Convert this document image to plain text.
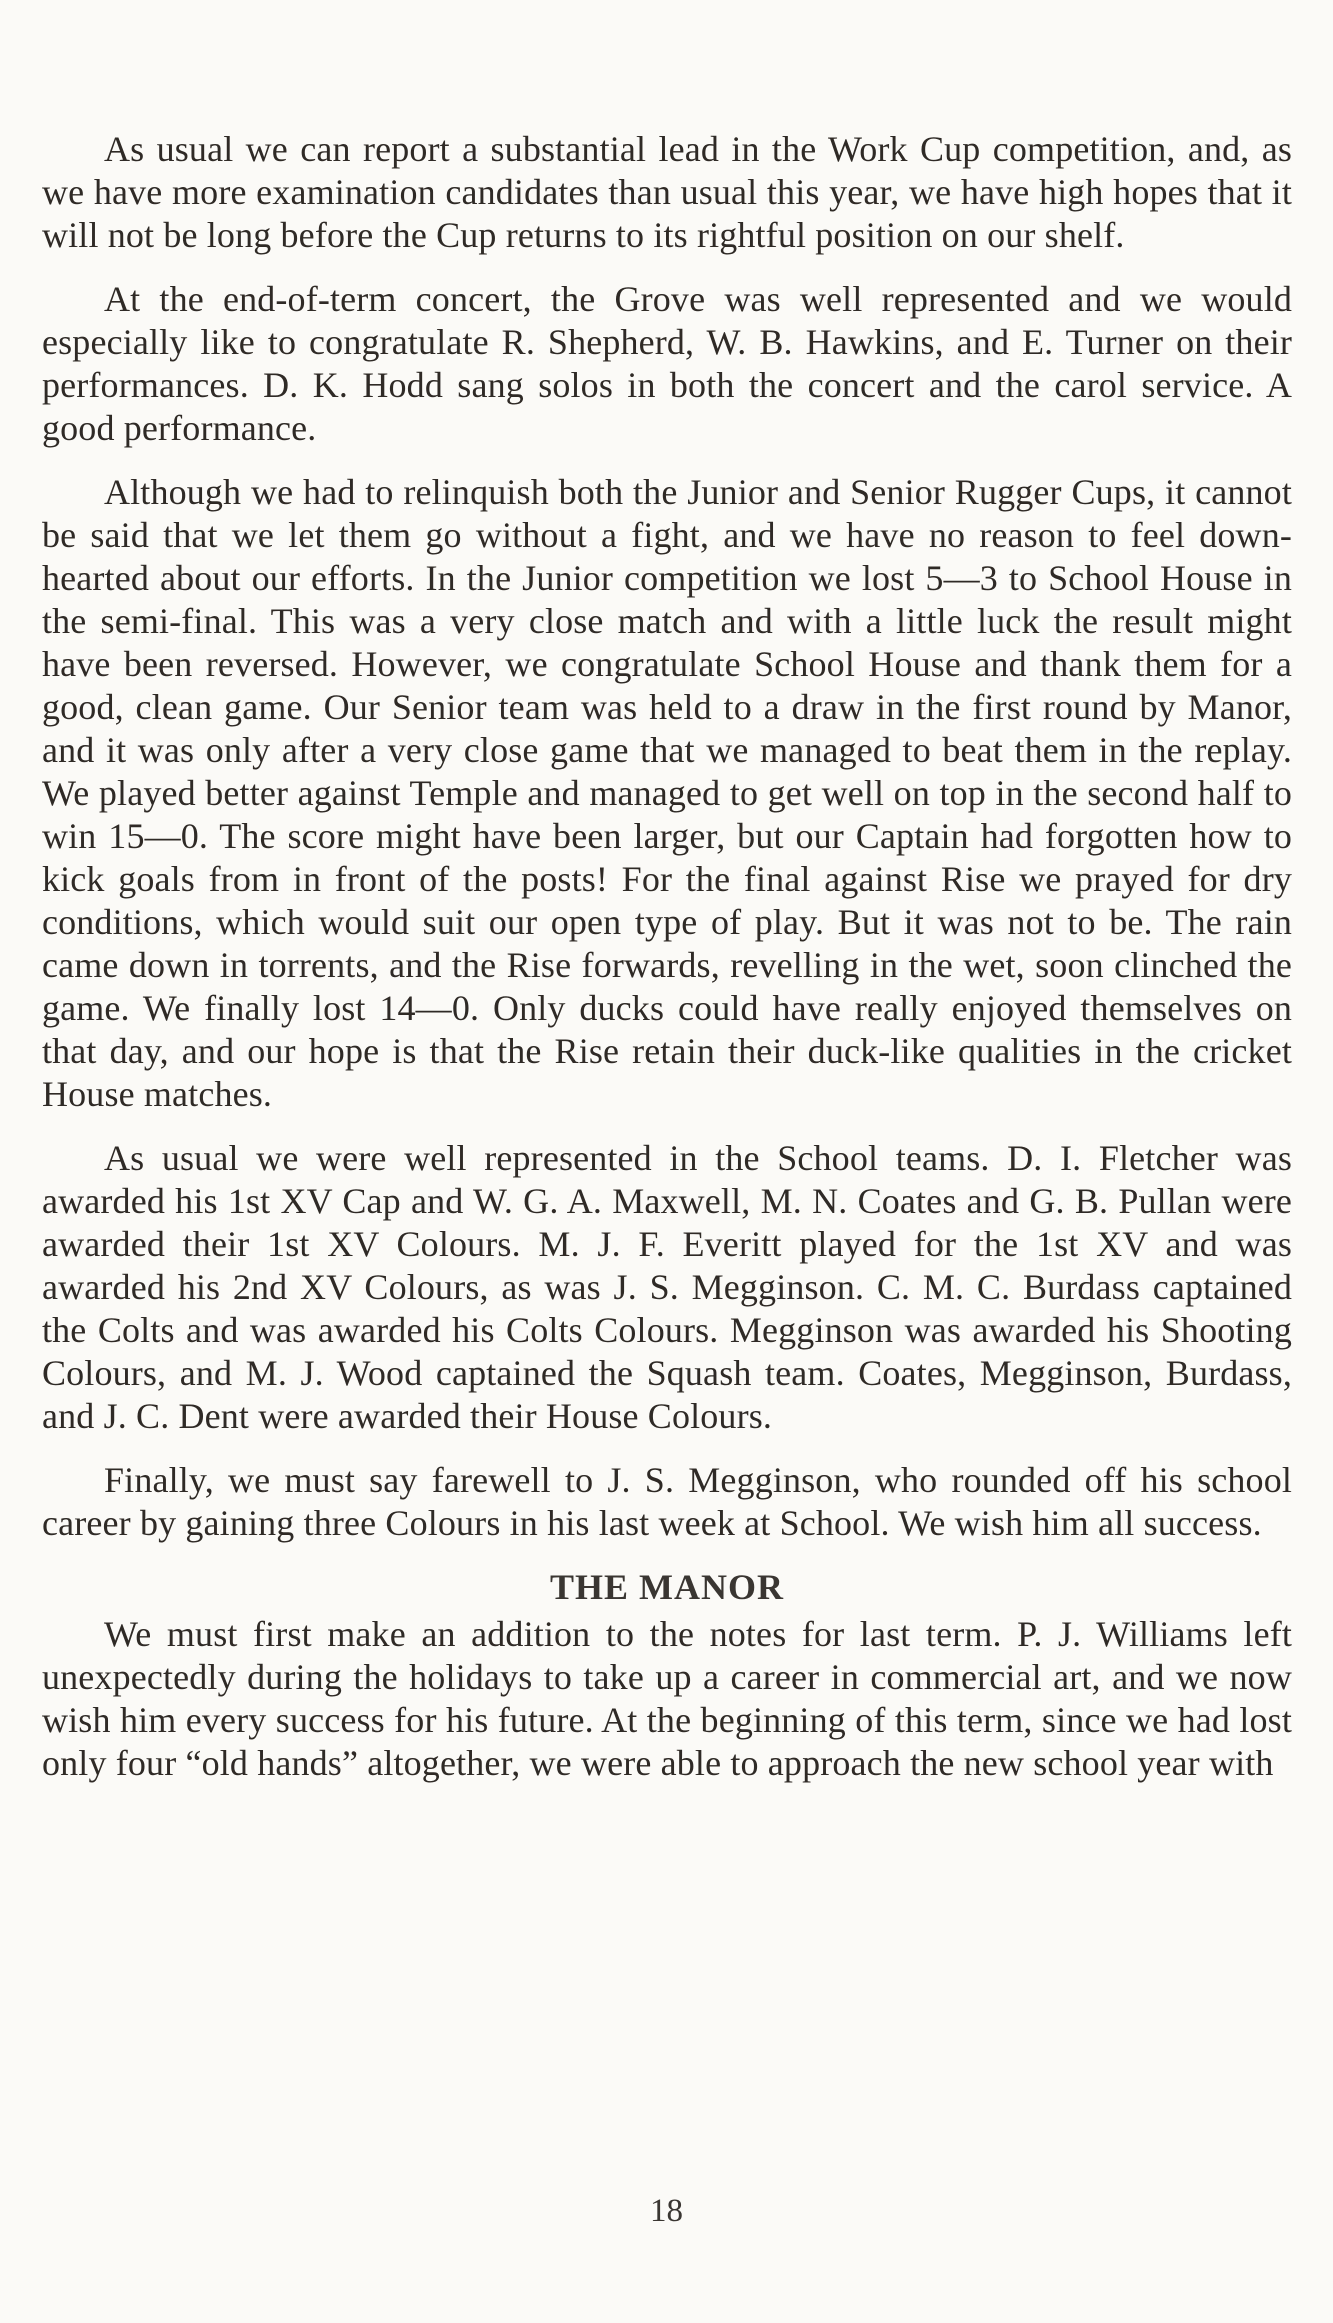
As usual we can report a substantial lead in the Work Cup competition, and, as we have more examination candidates than usual this year, we have high hopes that it will not be long before the Cup returns to its rightful position on our shelf.

At the end-of-term concert, the Grove was well represented and we would especially like to congratulate R. Shepherd, W. B. Hawkins, and E. Turner on their performances. D. K. Hodd sang solos in both the concert and the carol service. A good performance.

Although we had to relinquish both the Junior and Senior Rugger Cups, it cannot be said that we let them go without a fight, and we have no reason to feel down-hearted about our efforts. In the Junior competition we lost 5—3 to School House in the semi-final. This was a very close match and with a little luck the result might have been reversed. However, we congratulate School House and thank them for a good, clean game. Our Senior team was held to a draw in the first round by Manor, and it was only after a very close game that we managed to beat them in the replay. We played better against Temple and managed to get well on top in the second half to win 15—0. The score might have been larger, but our Captain had forgotten how to kick goals from in front of the posts! For the final against Rise we prayed for dry conditions, which would suit our open type of play. But it was not to be. The rain came down in torrents, and the Rise forwards, revelling in the wet, soon clinched the game. We finally lost 14—0. Only ducks could have really enjoyed themselves on that day, and our hope is that the Rise retain their duck-like qualities in the cricket House matches.

As usual we were well represented in the School teams. D. I. Fletcher was awarded his 1st XV Cap and W. G. A. Maxwell, M. N. Coates and G. B. Pullan were awarded their 1st XV Colours. M. J. F. Everitt played for the 1st XV and was awarded his 2nd XV Colours, as was J. S. Megginson. C. M. C. Burdass captained the Colts and was awarded his Colts Colours. Megginson was awarded his Shooting Colours, and M. J. Wood captained the Squash team. Coates, Megginson, Burdass, and J. C. Dent were awarded their House Colours.

Finally, we must say farewell to J. S. Megginson, who rounded off his school career by gaining three Colours in his last week at School. We wish him all success.

THE MANOR

We must first make an addition to the notes for last term. P. J. Williams left unexpectedly during the holidays to take up a career in commercial art, and we now wish him every success for his future. At the beginning of this term, since we had lost only four “old hands” altogether, we were able to approach the new school year with

18
